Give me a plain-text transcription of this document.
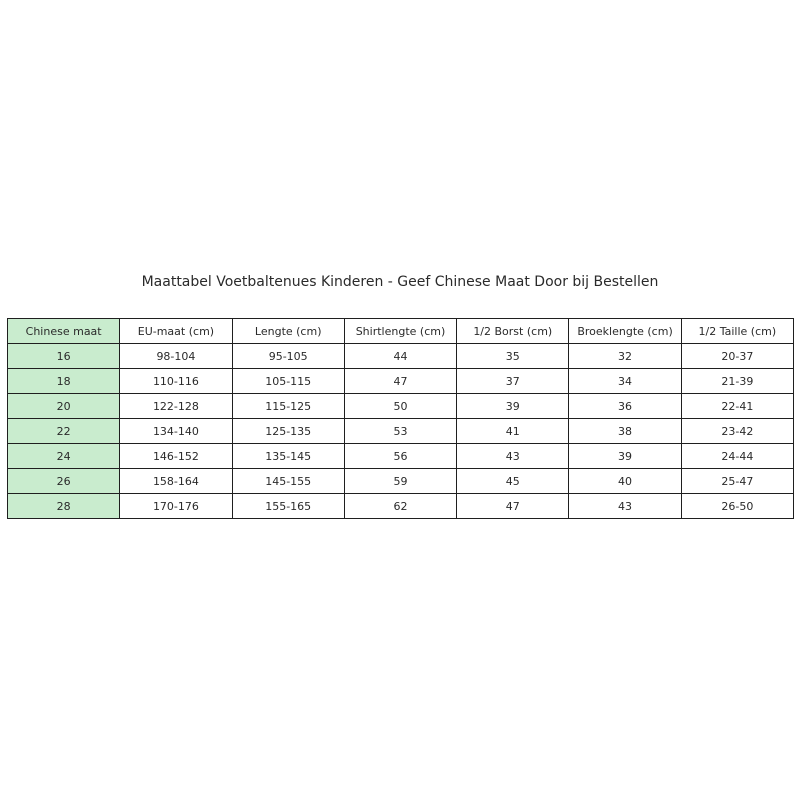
Maattabel Voetbaltenues Kinderen - Geef Chinese Maat Door bij Bestellen
Chinese maat	EU-maat (cm)	Lengte (cm)	Shirtlengte (cm)	1/2 Borst (cm)	Broeklengte (cm)	1/2 Taille (cm)
16	98-104	95-105	44	35	32	20-37
18	110-116	105-115	47	37	34	21-39
20	122-128	115-125	50	39	36	22-41
22	134-140	125-135	53	41	38	23-42
24	146-152	135-145	56	43	39	24-44
26	158-164	145-155	59	45	40	25-47
28	170-176	155-165	62	47	43	26-50
